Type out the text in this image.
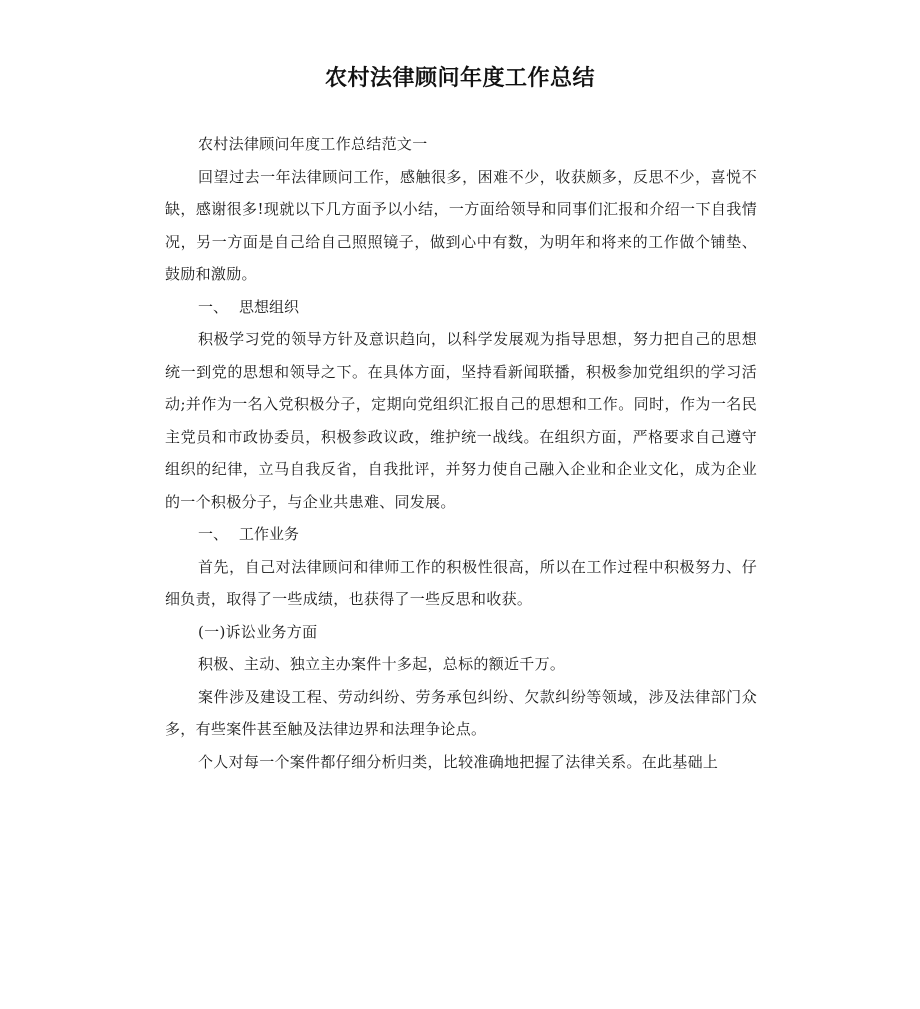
农村法律顾问年度工作总结

农村法律顾问年度工作总结范文一

回望过去一年法律顾问工作，感触很多，困难不少，收获颇多，反思不少，喜悦不缺，感谢很多!现就以下几方面予以小结，一方面给领导和同事们汇报和介绍一下自我情况，另一方面是自己给自己照照镜子，做到心中有数，为明年和将来的工作做个铺垫、鼓励和激励。

一、 思想组织

积极学习党的领导方针及意识趋向，以科学发展观为指导思想，努力把自己的思想统一到党的思想和领导之下。在具体方面，坚持看新闻联播，积极参加党组织的学习活动;并作为一名入党积极分子，定期向党组织汇报自己的思想和工作。同时，作为一名民主党员和市政协委员，积极参政议政，维护统一战线。在组织方面，严格要求自己遵守组织的纪律，立马自我反省，自我批评，并努力使自己融入企业和企业文化，成为企业的一个积极分子，与企业共患难、同发展。

一、 工作业务

首先，自己对法律顾问和律师工作的积极性很高，所以在工作过程中积极努力、仔细负责，取得了一些成绩，也获得了一些反思和收获。

(一)诉讼业务方面

积极、主动、独立主办案件十多起，总标的额近千万。

案件涉及建设工程、劳动纠纷、劳务承包纠纷、欠款纠纷等领域，涉及法律部门众多，有些案件甚至触及法律边界和法理争论点。

个人对每一个案件都仔细分析归类，比较准确地把握了法律关系。在此基础上
